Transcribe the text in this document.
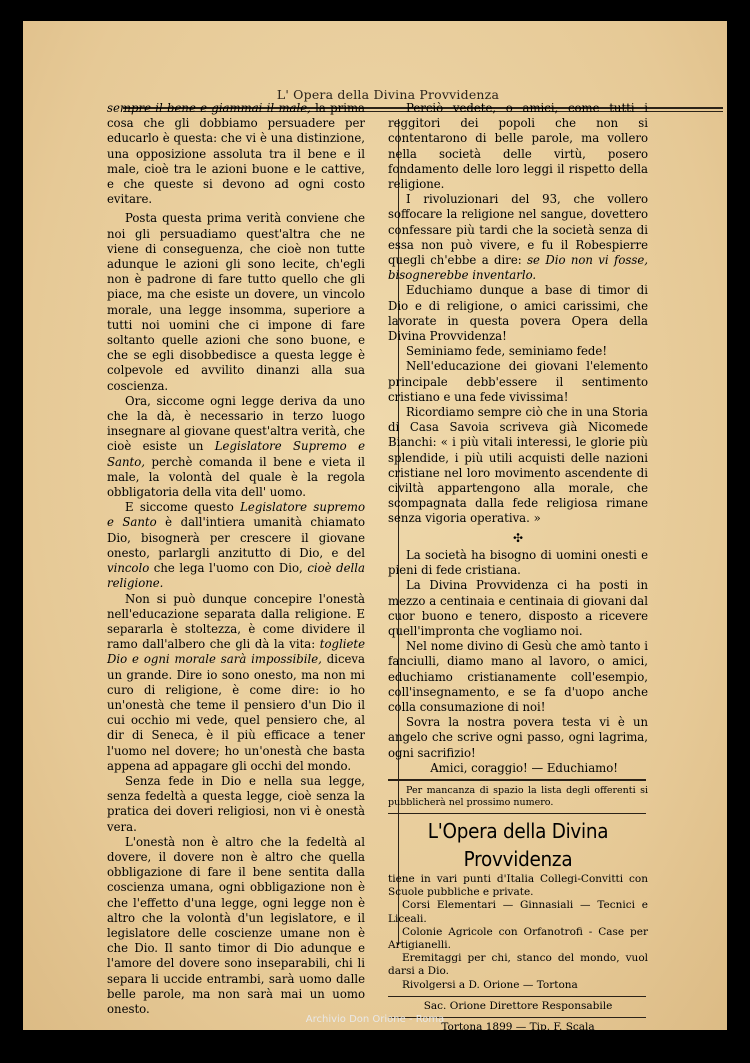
L' Opera della Divina Provvidenza

sempre il bene e giammai il male, la prima cosa che gli dobbiamo persuadere per educarlo è questa: che vi è una distinzione, una opposizione assoluta tra il bene e il male, cioè tra le azioni buone e le cattive, e che queste si devono ad ogni costo evitare.

Posta questa prima verità conviene che noi gli persuadiamo quest'altra che ne viene di conseguenza, che cioè non tutte adunque le azioni gli sono lecite, ch'egli non è padrone di fare tutto quello che gli piace, ma che esiste un dovere, un vincolo morale, una legge insomma, superiore a tutti noi uomini che ci impone di fare soltanto quelle azioni che sono buone, e che se egli disobbedisce a questa legge è colpevole ed avvilito dinanzi alla sua coscienza.

Ora, siccome ogni legge deriva da uno che la dà, è necessario in terzo luogo insegnare al giovane quest'altra verità, che cioè esiste un Legislatore Supremo e Santo, perchè comanda il bene e vieta il male, la volontà del quale è la regola obbligatoria della vita dell' uomo.

E siccome questo Legislatore supremo e Santo è dall'intiera umanità chiamato Dio, bisognerà per crescere il giovane onesto, parlargli anzitutto di Dio, e del vincolo che lega l'uomo con Dio, cioè della religione.

Non si può dunque concepire l'onestà nell'educazione separata dalla religione. E separarla è stoltezza, è come dividere il ramo dall'albero che gli dà la vita: togliete Dio e ogni morale sarà impossibile, diceva un grande. Dire io sono onesto, ma non mi curo di religione, è come dire: io ho un'onestà che teme il pensiero d'un Dio il cui occhio mi vede, quel pensiero che, al dir di Seneca, è il più efficace a tener l'uomo nel dovere; ho un'onestà che basta appena ad appagare gli occhi del mondo.

Senza fede in Dio e nella sua legge, senza fedeltà a questa legge, cioè senza la pratica dei doveri religiosi, non vi è onestà vera.

L'onestà non è altro che la fedeltà al dovere, il dovere non è altro che quella obbligazione di fare il bene sentita dalla coscienza umana, ogni obbligazione non è che l'effetto d'una legge, ogni legge non è altro che la volontà d'un legislatore, e il legislatore delle coscienze umane non è che Dio. Il santo timor di Dio adunque e l'amore del dovere sono inseparabili, chi li separa li uccide entrambi, sarà uomo dalle belle parole, ma non sarà mai un uomo onesto.

Perciò vedete, o amici, come tutti i reggitori dei popoli che non si contentarono di belle parole, ma vollero nella società delle virtù, posero fondamento delle loro leggi il rispetto della religione.

I rivoluzionari del 93, che vollero soffocare la religione nel sangue, dovettero confessare più tardi che la società senza di essa non può vivere, e fu il Robespierre quegli ch'ebbe a dire: se Dio non vi fosse, bisognerebbe inventarlo.

Educhiamo dunque a base di timor di Dio e di religione, o amici carissimi, che lavorate in questa povera Opera della Divina Provvidenza!

Seminiamo fede, seminiamo fede!

Nell'educazione dei giovani l'elemento principale debb'essere il sentimento cristiano e una fede vivissima!

Ricordiamo sempre ciò che in una Storia di Casa Savoia scriveva già Nicomede Bianchi: « i più vitali interessi, le glorie più splendide, i più utili acquisti delle nazioni cristiane nel loro movimento ascendente di civiltà appartengono alla morale, che scompagnata dalla fede religiosa rimane senza vigoria operativa. »

✣

La società ha bisogno di uomini onesti e pieni di fede cristiana.

La Divina Provvidenza ci ha posti in mezzo a centinaia e centinaia di giovani dal cuor buono e tenero, disposto a ricevere quell'impronta che vogliamo noi.

Nel nome divino di Gesù che amò tanto i fanciulli, diamo mano al lavoro, o amici, educhiamo cristianamente coll'esempio, coll'insegnamento, e se fa d'uopo anche colla consumazione di noi!

Sovra la nostra povera testa vi è un angelo che scrive ogni passo, ogni lagrima, ogni sacrifizio!

Amici, coraggio! — Educhiamo!

Per mancanza di spazio la lista degli offerenti si pubblicherà nel prossimo numero.

L'Opera della Divina Provvidenza

tiene in vari punti d'Italia Collegi-Convitti con Scuole pubbliche e private.

Corsi Elementari — Ginnasiali — Tecnici e Liceali.

Colonie Agricole con Orfanotrofi - Case per Artigianelli.

Eremitaggi per chi, stanco del mondo, vuol darsi a Dio.

Rivolgersi a D. Orione — Tortona

Sac. Orione Direttore Responsabile
Tortona 1899 — Tip. F. Scala
Archivio Don Orione - Roma
